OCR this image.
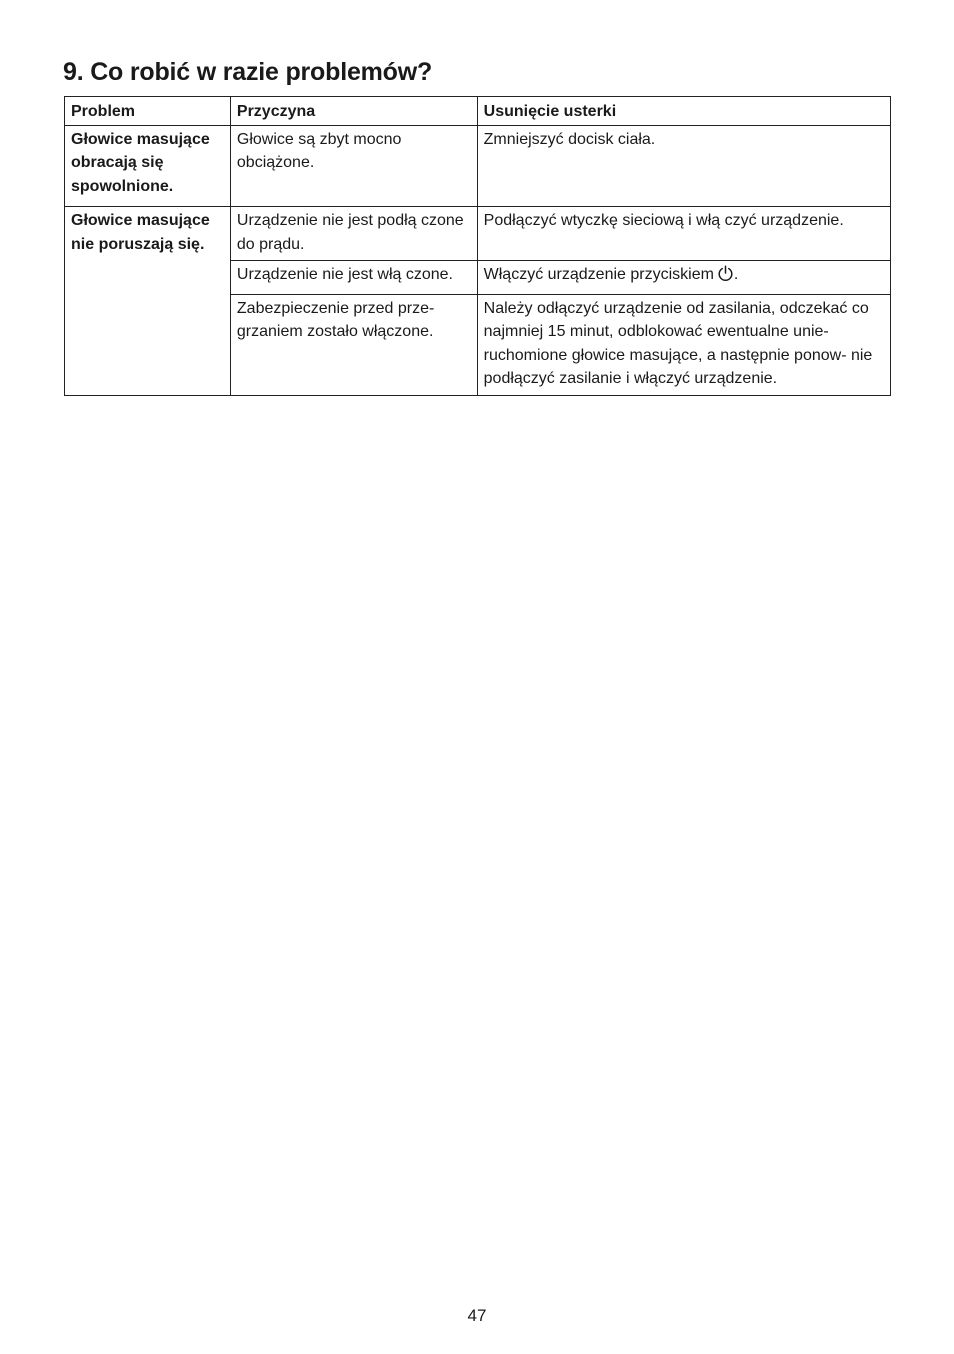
9. Co robić w razie problemów?
Problem	Przyczyna	Usunięcie usterki
Głowice masujące obracają się spowolnione.	Głowice są zbyt mocno obciążone.	Zmniejszyć docisk ciała.
Głowice masujące nie poruszają się.	Urządzenie nie jest podłą czone do prądu.	Podłączyć wtyczkę sieciową i włą czyć urządzenie.
	Urządzenie nie jest włą czone.	Włączyć urządzenie przyciskiem .
	Zabezpieczenie przed prze- grzaniem zostało włączone.	Należy odłączyć urządzenie od zasilania, odczekać co najmniej 15 minut, odblokować ewentualne unie- ruchomione głowice masujące, a następnie ponow- nie podłączyć zasilanie i włączyć urządzenie.
47
